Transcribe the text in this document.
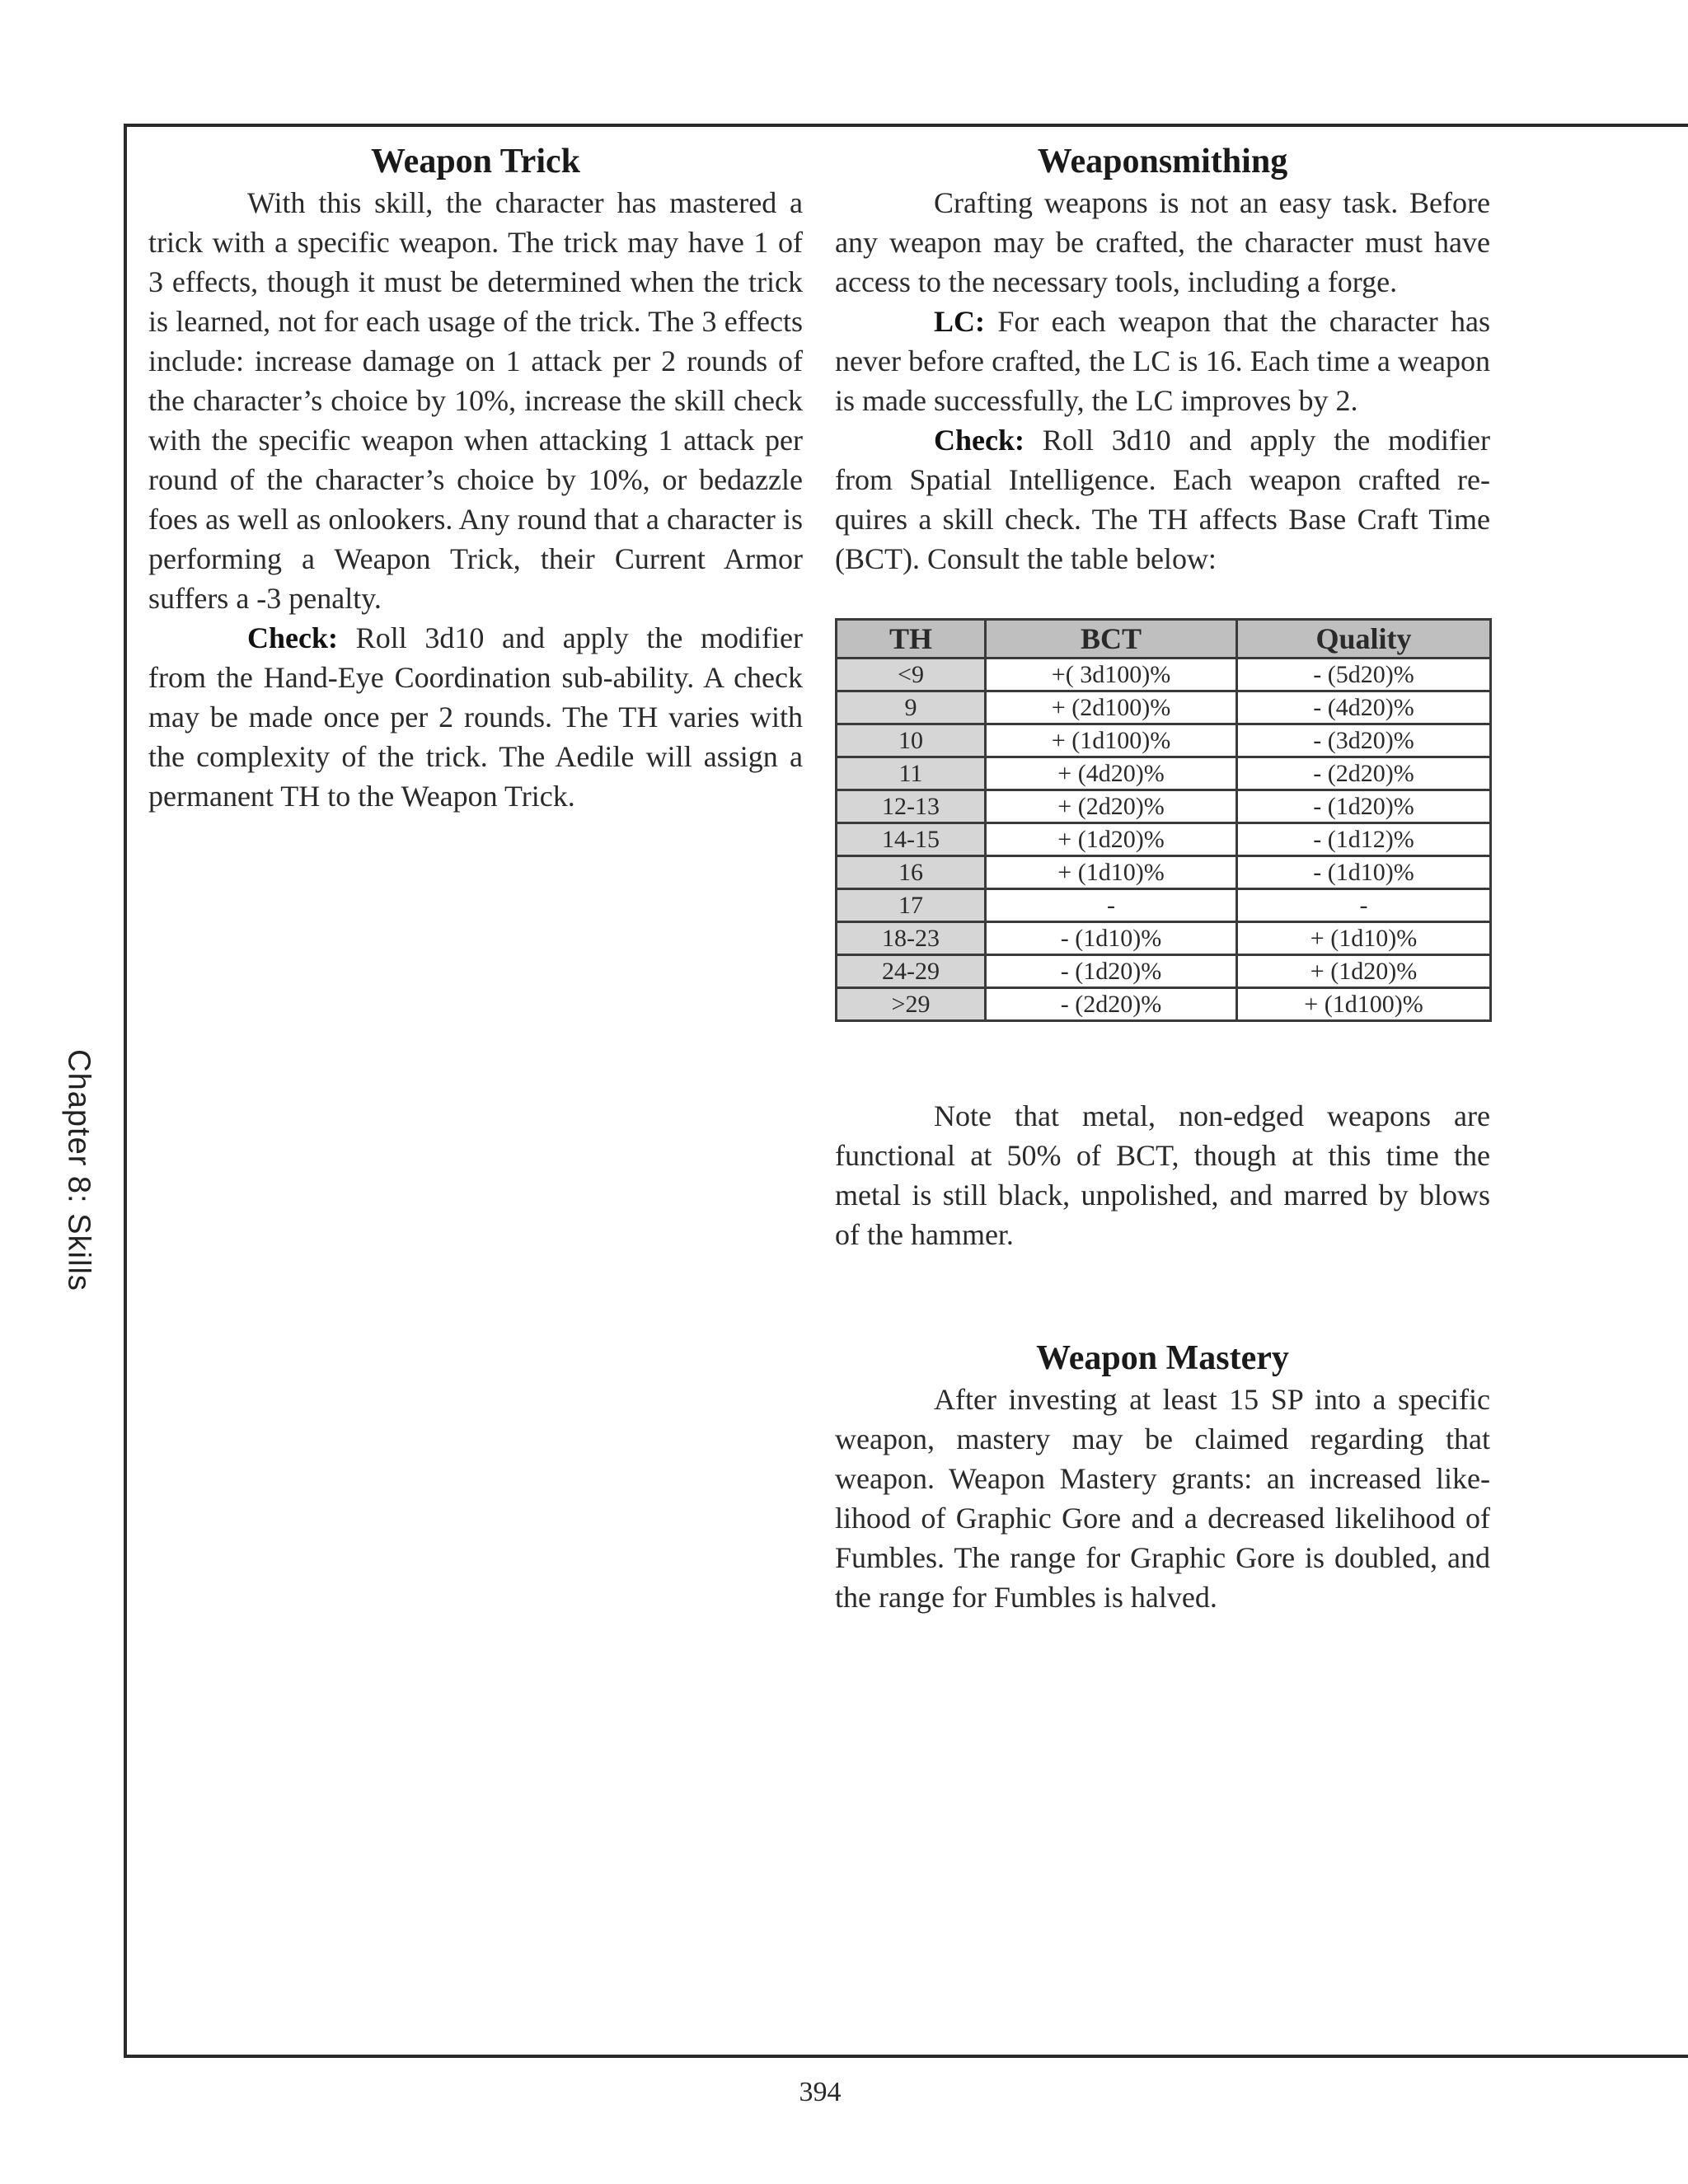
Chapter 8: Skills
Weapon Trick

With this skill, the character has mastered a trick with a specific weapon. The trick may have 1 of 3 effects, though it must be determined when the trick is learned, not for each usage of the trick. The 3 effects include: increase damage on 1 attack per 2 rounds of the character’s choice by 10%, increase the skill check with the specific weapon when attacking 1 attack per round of the character’s choice by 10%, or bedazzle foes as well as onlookers. Any round that a character is performing a Weapon Trick, their Current Armor suffers a -3 penalty.

Check: Roll 3d10 and apply the modifier from the Hand-Eye Coordination sub-ability. A check may be made once per 2 rounds. The TH varies with the complexity of the trick. The Aedile will assign a permanent TH to the Weapon Trick.

Weaponsmithing

Crafting weapons is not an easy task. Before any weapon may be crafted, the character must have access to the necessary tools, including a forge.

LC: For each weapon that the character has never before crafted, the LC is 16. Each time a weapon is made successfully, the LC improves by 2.

Check: Roll 3d10 and apply the modifier from Spatial Intelligence. Each weapon crafted requires a skill check. The TH affects Base Craft Time (BCT). Consult the table below:

TH	BCT	Quality
<9	+( 3d100)%	- (5d20)%
9	+ (2d100)%	- (4d20)%
10	+ (1d100)%	- (3d20)%
11	+ (4d20)%	- (2d20)%
12-13	+ (2d20)%	- (1d20)%
14-15	+ (1d20)%	- (1d12)%
16	+ (1d10)%	- (1d10)%
17	-	-
18-23	- (1d10)%	+ (1d10)%
24-29	- (1d20)%	+ (1d20)%
>29	- (2d20)%	+ (1d100)%

Note that metal, non-edged weapons are functional at 50% of BCT, though at this time the metal is still black, unpolished, and marred by blows of the hammer.

Weapon Mastery

After investing at least 15 SP into a specific weapon, mastery may be claimed regarding that weapon. Weapon Mastery grants: an increased likelihood of Graphic Gore and a decreased likelihood of Fumbles. The range for Graphic Gore is doubled, and the range for Fumbles is halved.

394
